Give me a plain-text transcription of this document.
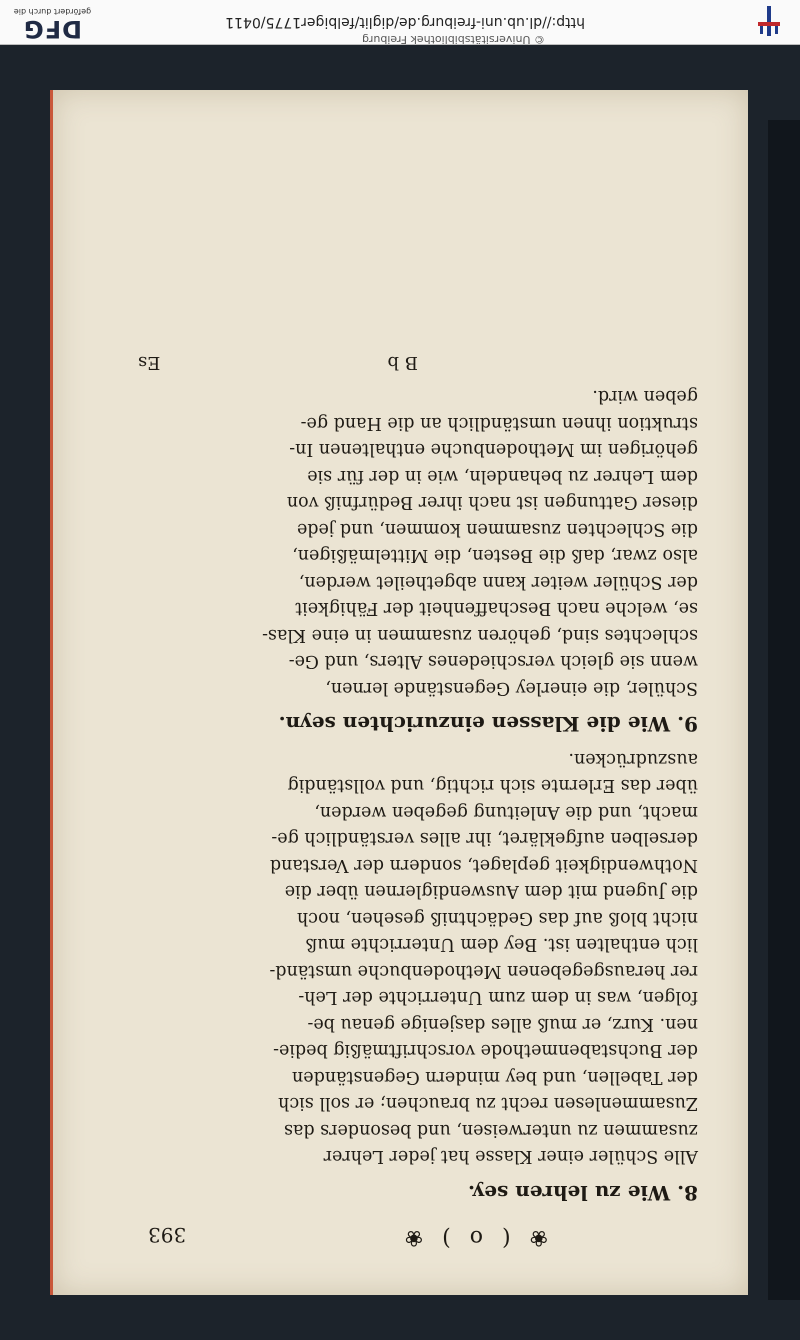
❀ ( o ) ❀
393
8. Wie zu lehren sey.
Alle Schüler einer Klasse hat jeder Lehrer
zusammen zu unterweisen, und besonders das
Zusammenlesen recht zu brauchen; er soll sich
der Tabellen, und bey mindern Gegenständen
der Buchstabenmethode vorschriftmäßig bedie-
nen. Kurz, er muß alles dasjenige genau be-
folgen, was in dem zum Unterrichte der Leh-
rer herausgegebenen Methodenbuche umständ-
lich enthalten ist. Bey dem Unterrichte muß
nicht bloß auf das Gedächtniß gesehen, noch
die Jugend mit dem Auswendiglernen über die
Nothwendigkeit geplaget, sondern der Verstand
derselben aufgekläret, ihr alles verständlich ge-
macht, und die Anleitung gegeben werden,
über das Erlernte sich richtig, und vollständig
auszudrücken.
9. Wie die Klassen einzurichten seyn.
Schüler, die einerley Gegenstände lernen,
wenn sie gleich verschiedenes Alters, und Ge-
schlechtes sind, gehören zusammen in eine Klas-
se, welche nach Beschaffenheit der Fähigkeit
der Schüler weiter kann abgetheilet werden,
also zwar, daß die Besten, die Mittelmäßigen,
die Schlechten zusammen kommen, und jede
dieser Gattungen ist nach ihrer Bedürfniß von
dem Lehrer zu behandeln, wie in der für sie
gehörigen im Methodenbuche enthaltenen In-
struktion ihnen umständlich an die Hand ge-
geben wird.
B b
Es
© Universitätsbibliothek Freiburg
http://dl.ub.uni-freiburg.de/diglit/felbiger1775/0411
DFG
gefördert durch die
